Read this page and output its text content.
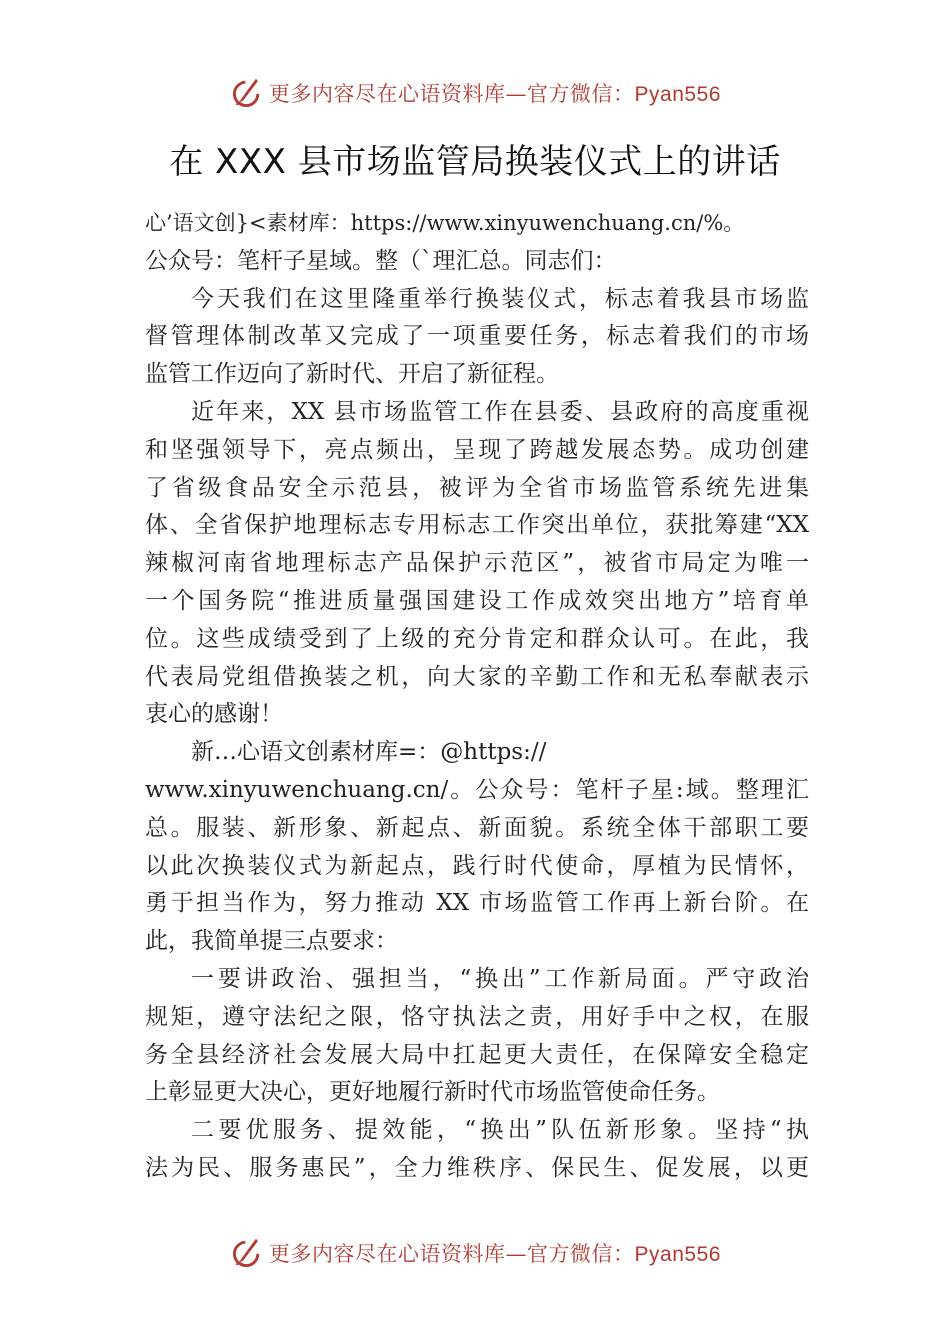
更多内容尽在心语资料库—官方微信：Pyan556
在 XXX 县市场监管局换装仪式上的讲话
心’语文创}<素材库：https://www.xinyuwenchuang.cn/%。
公众号：笔杆子星域。整（`理汇总。同志们：
今天我们在这里隆重举行换装仪式，标志着我县市场监
督管理体制改革又完成了一项重要任务，标志着我们的市场
监管工作迈向了新时代、开启了新征程。
近年来，XX 县市场监管工作在县委、县政府的高度重视
和坚强领导下，亮点频出，呈现了跨越发展态势。成功创建
了省级食品安全示范县，被评为全省市场监管系统先进集
体、全省保护地理标志专用标志工作突出单位，获批筹建“XX
辣椒河南省地理标志产品保护示范区”，被省市局定为唯一
一个国务院“推进质量强国建设工作成效突出地方”培育单
位。这些成绩受到了上级的充分肯定和群众认可。在此，我
代表局党组借换装之机，向大家的辛勤工作和无私奉献表示
衷心的感谢！
新…心语文创素材库=：@https://
www.xinyuwenchuang.cn/。公众号：笔杆子星:域。整理汇
总。服装、新形象、新起点、新面貌。系统全体干部职工要
以此次换装仪式为新起点，践行时代使命，厚植为民情怀，
勇于担当作为，努力推动 XX 市场监管工作再上新台阶。在
此，我简单提三点要求：
一要讲政治、强担当，“换出”工作新局面。严守政治
规矩，遵守法纪之限，恪守执法之责，用好手中之权，在服
务全县经济社会发展大局中扛起更大责任，在保障安全稳定
上彰显更大决心，更好地履行新时代市场监管使命任务。
二要优服务、提效能，“换出”队伍新形象。坚持“执
法为民、服务惠民”，全力维秩序、保民生、促发展，以更
更多内容尽在心语资料库—官方微信：Pyan556
